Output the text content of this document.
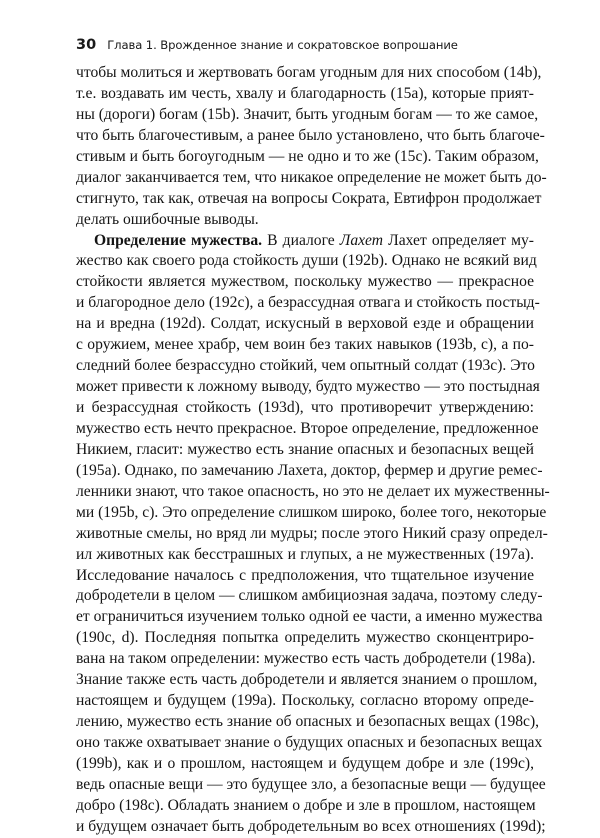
30 Глава 1. Врожденное знание и сократовское вопрошание
чтобы молиться и жертвовать богам угодным для них способом (14b),
т.е. воздавать им честь, хвалу и благодарность (15а), которые прият-
ны (дороги) богам (15b). Значит, быть угодным богам — то же самое,
что быть благочестивым, а ранее было установлено, что быть благоче-
стивым и быть богоугодным — не одно и то же (15с). Таким образом,
диалог заканчивается тем, что никакое определение не может быть до-
стигнуто, так как, отвечая на вопросы Сократа, Евтифрон продолжает
делать ошибочные выводы.
Определение мужества. В диалоге Лахет Лахет определяет му-
жество как своего рода стойкость души (192b). Однако не всякий вид
стойкости является мужеством, поскольку мужество — прекрасное
и благородное дело (192с), а безрассудная отвага и стойкость постыд-
на и вредна (192d). Солдат, искусный в верховой езде и обращении
с оружием, менее храбр, чем воин без таких навыков (193b, с), а по-
следний более безрассудно стойкий, чем опытный солдат (193с). Это
может привести к ложному выводу, будто мужество — это постыдная
и безрассудная стойкость (193d), что противоречит утверждению:
мужество есть нечто прекрасное. Второе определение, предложенное
Никием, гласит: мужество есть знание опасных и безопасных вещей
(195а). Однако, по замечанию Лахета, доктор, фермер и другие ремес-
ленники знают, что такое опасность, но это не делает их мужественны-
ми (195b, с). Это определение слишком широко, более того, некоторые
животные смелы, но вряд ли мудры; после этого Никий сразу определ-
ил животных как бесстрашных и глупых, а не мужественных (197а).
Исследование началось с предположения, что тщательное изучение
добродетели в целом — слишком амбициозная задача, поэтому следу-
ет ограничиться изучением только одной ее части, а именно мужества
(190с, d). Последняя попытка определить мужество сконцентриро-
вана на таком определении: мужество есть часть добродетели (198а).
Знание также есть часть добродетели и является знанием о прошлом,
настоящем и будущем (199а). Поскольку, согласно второму опреде-
лению, мужество есть знание об опасных и безопасных вещах (198с),
оно также охватывает знание о будущих опасных и безопасных вещах
(199b), как и о прошлом, настоящем и будущем добре и зле (199с),
ведь опасные вещи — это будущее зло, а безопасные вещи — будущее
добро (198с). Обладать знанием о добре и зле в прошлом, настоящем
и будущем означает быть добродетельным во всех отношениях (199d);
